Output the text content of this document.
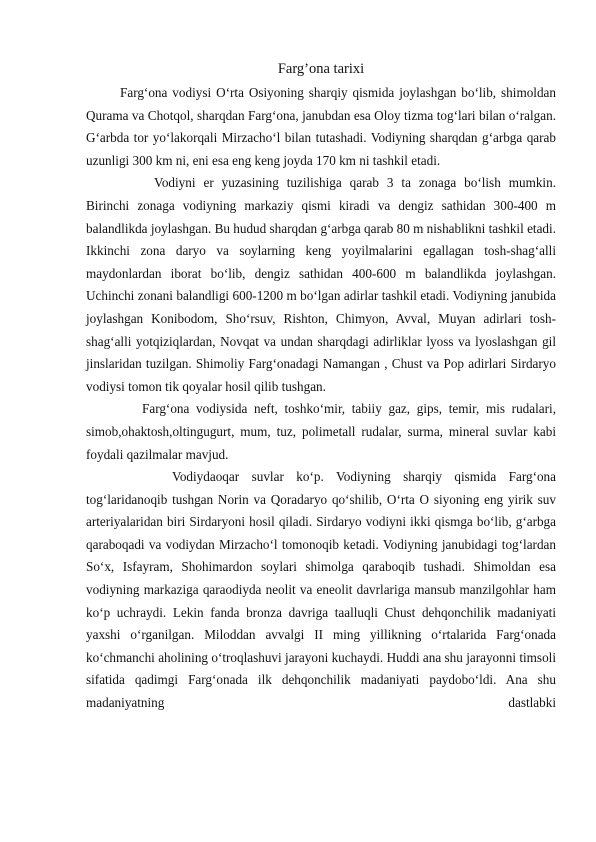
Farg’ona tarixi

Farg‘ona vodiysi O‘rta Osiyoning sharqiy qismida joylashgan bo‘lib, shimoldan Qurama va Chotqol, sharqdan Farg‘ona, janubdan esa Oloy tizma tog‘lari bilan o‘ralgan. G‘arbda tor yo‘lakorqali Mirzacho‘l bilan tutashadi. Vodiyning sharqdan g‘arbga qarab uzunligi 300 km ni, eni esa eng keng joyda 170 km ni tashkil etadi.

Vodiyni er yuzasining tuzilishiga qarab 3 ta zonaga bo‘lish mumkin. Birinchi zonaga vodiyning markaziy qismi kiradi va dengiz sathidan 300-400 m balandlikda joylashgan. Bu hudud sharqdan g‘arbga qarab 80 m nishablikni tashkil etadi. Ikkinchi zona daryo va soylarning keng yoyilmalarini egallagan tosh-shag‘alli maydonlardan iborat bo‘lib, dengiz sathidan 400-600 m balandlikda joylashgan. Uchinchi zonani balandligi 600-1200 m bo‘lgan adirlar tashkil etadi. Vodiyning janubida joylashgan Konibodom, Sho‘rsuv, Rishton, Chimyon, Avval, Muyan adirlari tosh-shag‘alli yotqiziqlardan, Novqat va undan sharqdagi adirliklar lyoss va lyoslashgan gil jinslaridan tuzilgan. Shimoliy Farg‘onadagi Namangan , Chust va Pop adirlari Sirdaryo vodiysi tomon tik qoyalar hosil qilib tushgan.

Farg‘ona vodiysida neft, toshko‘mir, tabiiy gaz, gips, temir, mis rudalari, simob,ohaktosh,oltingugurt, mum, tuz, polimetall rudalar, surma, mineral suvlar kabi foydali qazilmalar mavjud.

Vodiydaoqar suvlar ko‘p. Vodiyning sharqiy qismida Farg‘ona tog‘laridanoqib tushgan Norin va Qoradaryo qo‘shilib, O‘rta O siyoning eng yirik suv arteriyalaridan biri Sirdaryoni hosil qiladi. Sirdaryo vodiyni ikki qismga bo‘lib, g‘arbga qaraboqadi va vodiydan Mirzacho‘l tomonoqib ketadi. Vodiyning janubidagi tog‘lardan So‘x, Isfayram, Shohimardon soylari shimolga qaraboqib tushadi. Shimoldan esa vodiyning markaziga qaraodiyda neolit va eneolit davrlariga mansub manzilgohlar ham ko‘p uchraydi. Lekin fanda bronza davriga taalluqli Chust dehqonchilik madaniyati yaxshi o‘rganilgan. Miloddan avvalgi II ming yillikning o‘rtalarida Farg‘onada ko‘chmanchi aholining o‘troqlashuvi jarayoni kuchaydi. Huddi ana shu jarayonni timsoli sifatida qadimgi Farg‘onada ilk dehqonchilik madaniyati paydobo‘ldi. Ana shu madaniyatning dastlabki
